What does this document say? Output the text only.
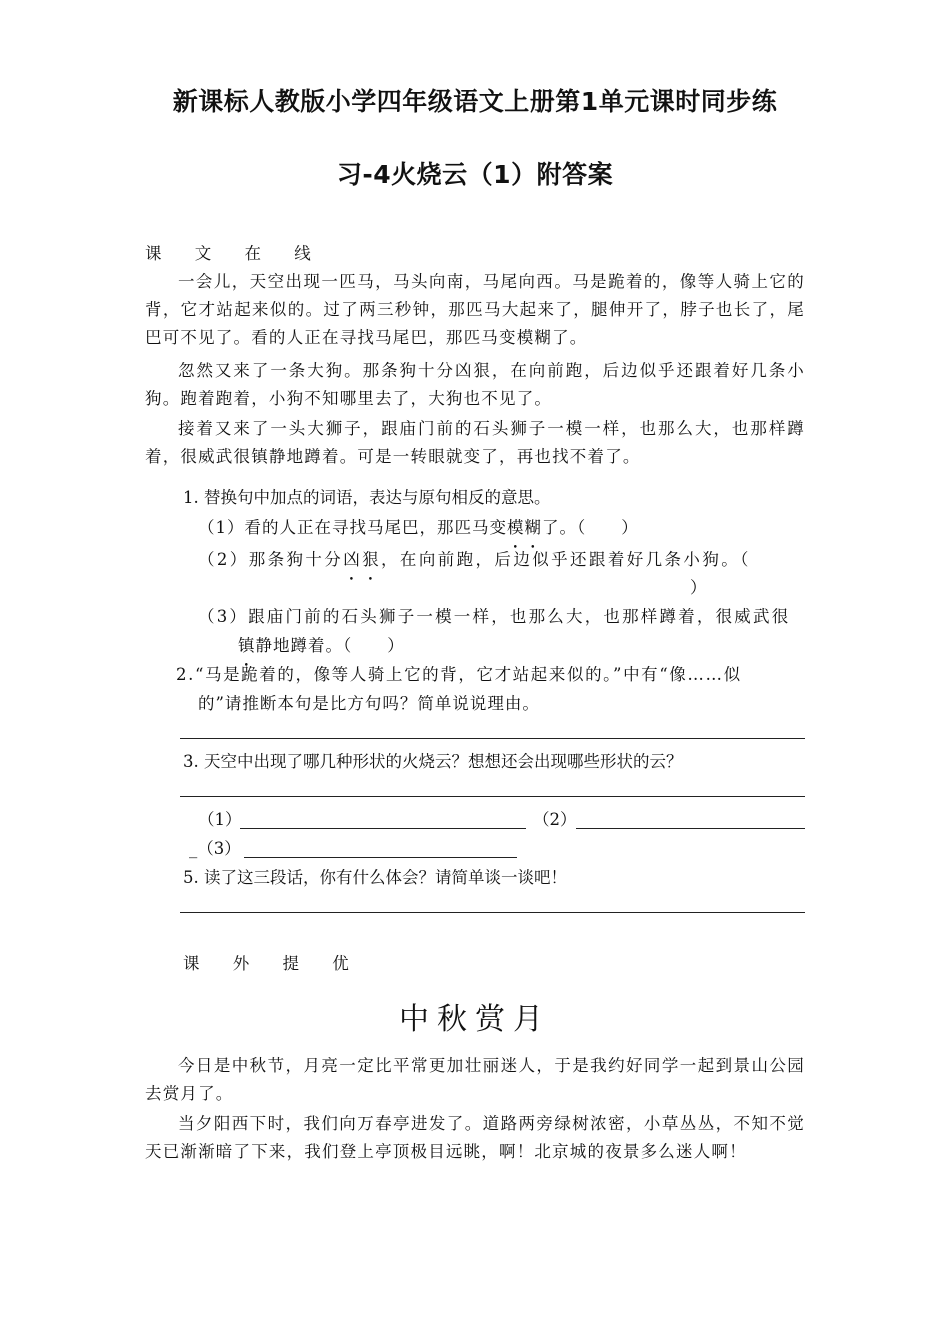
新课标人教版小学四年级语文上册第1单元课时同步练
习-4火烧云（1）附答案
课 文 在 线
一会儿，天空出现一匹马，马头向南，马尾向西。马是跪着的，像等人骑上它的背，它才站起来似的。过了两三秒钟，那匹马大起来了，腿伸开了，脖子也长了，尾巴可不见了。看的人正在寻找马尾巴，那匹马变模糊了。
忽然又来了一条大狗。那条狗十分凶狠，在向前跑，后边似乎还跟着好几条小狗。跑着跑着，小狗不知哪里去了，大狗也不见了。
接着又来了一头大狮子，跟庙门前的石头狮子一模一样，也那么大，也那样蹲着，很威武很镇静地蹲着。可是一转眼就变了，再也找不着了。
1. 替换句中加点的词语，表达与原句相反的意思。
（1）看的人正在寻找马尾巴，那匹马变模糊了。（　　）
（2）那条狗十分凶狠，在向前跑，后边似乎还跟着好几条小狗。（
）
（3）跟庙门前的石头狮子一模一样，也那么大，也那样蹲着，很威武很
镇静地蹲着。（　　）
2.“马是跪着的，像等人骑上它的背，它才站起来似的。”中有“像……似
的”请推断本句是比方句吗？简单说说理由。
3. 天空中出现了哪几种形状的火烧云？想想还会出现哪些形状的云？
（1）	（2）
_（3）
5. 读了这三段话，你有什么体会？请简单谈一谈吧！
课 外 提 优
中秋赏月
今日是中秋节，月亮一定比平常更加壮丽迷人，于是我约好同学一起到景山公园去赏月了。
当夕阳西下时，我们向万春亭进发了。道路两旁绿树浓密，小草丛丛，不知不觉天已渐渐暗了下来，我们登上亭顶极目远眺，啊！北京城的夜景多么迷人啊！
